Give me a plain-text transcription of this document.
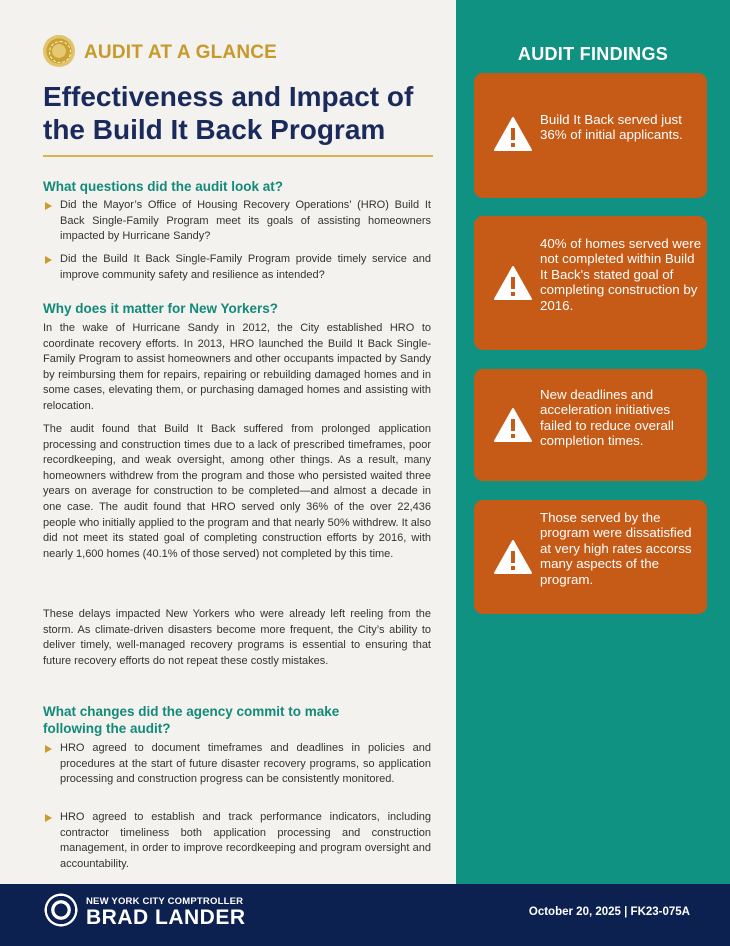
AUDIT AT A GLANCE
Effectiveness and Impact of
the Build It Back Program
What questions did the audit look at?
Did the Mayor’s Office of Housing Recovery Operations’ (HRO) Build It Back Single-Family Program meet its goals of assisting homeowners impacted by Hurricane Sandy?
Did the Build It Back Single-Family Program provide timely service and improve community safety and resilience as intended?
Why does it matter for New Yorkers?
In the wake of Hurricane Sandy in 2012, the City established HRO to coordinate recovery efforts. In 2013, HRO launched the Build It Back Single-Family Program to assist homeowners and other occupants impacted by Sandy by reimbursing them for repairs, repairing or rebuilding damaged homes and in some cases, elevating them, or purchasing damaged homes and assisting with relocation.
The audit found that Build It Back suffered from prolonged application processing and construction times due to a lack of prescribed timeframes, poor recordkeeping, and weak oversight, among other things. As a result, many homeowners withdrew from the program and those who persisted waited three years on average for construction to be completed—and almost a decade in one case. The audit found that HRO served only 36% of the over 22,436 people who initially applied to the program and that nearly 50% withdrew. It also did not meet its stated goal of completing construction efforts by 2016, with nearly 1,600 homes (40.1% of those served) not completed by this time.
These delays impacted New Yorkers who were already left reeling from the storm. As climate-driven disasters become more frequent, the City’s ability to deliver timely, well-managed recovery programs is essential to ensuring that future recovery efforts do not repeat these costly mistakes.
What changes did the agency commit to make
following the audit?
HRO agreed to document timeframes and deadlines in policies and procedures at the start of future disaster recovery programs, so application processing and construction progress can be consistently monitored.
HRO agreed to establish and track performance indicators, including contractor timeliness both application processing and construction management, in order to improve recordkeeping and program oversight and accountability.
AUDIT FINDINGS
Build It Back served just 36% of initial applicants.
40% of homes served were not completed within Build It Back's stated goal of completing construction by 2016.
New deadlines and acceleration initiatives failed to reduce overall completion times.
Those served by the program were dissatisfied at very high rates accorss many aspects of the program.
NEW YORK CITY COMPTROLLER
BRAD LANDER	October 20, 2025 | FK23-075A
